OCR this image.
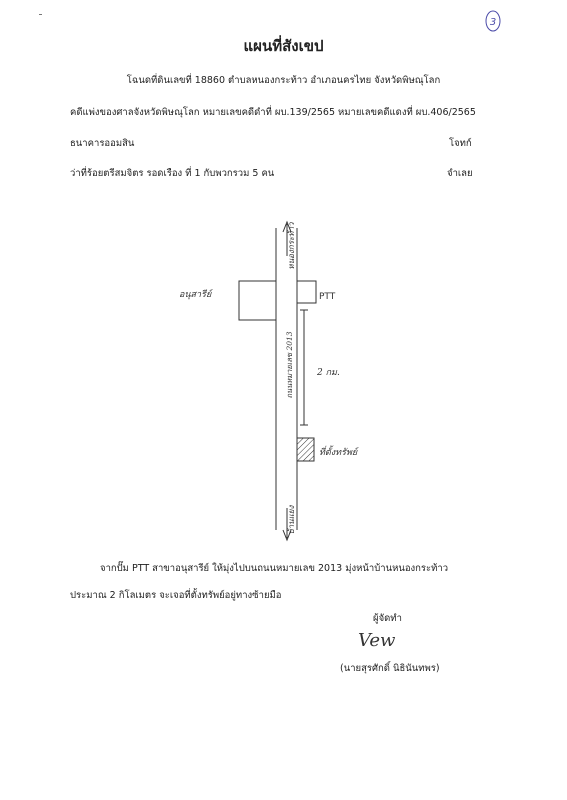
3
แผนที่สังเขป
โฉนดที่ดินเลขที่ 18860 ตำบลหนองกระท้าว อำเภอนครไทย จังหวัดพิษณุโลก
คดีแพ่งของศาลจังหวัดพิษณุโลก หมายเลขคดีดำที่ ผบ.139/2565 หมายเลขคดีแดงที่ ผบ.406/2565
ธนาคารออมสิน	โจทก์
ว่าที่ร้อยตรีสมจิตร รอดเรือง ที่ 1 กับพวกรวม 5 คน	จำเลย
หนองกระท้าว
ถนนหมายเลข 2013
บ้านแยง
อนุสารีย์	PTT
2 กม.
ที่ตั้งทรัพย์
จากปั๊ม PTT สาขาอนุสารีย์ ให้มุ่งไปบนถนนหมายเลข 2013 มุ่งหน้าบ้านหนองกระท้าว
ประมาณ 2 กิโลเมตร จะเจอที่ตั้งทรัพย์อยู่ทางซ้ายมือ
ผู้จัดทำ
Vew
(นายสุรศักดิ์ นิธินันทพร)
